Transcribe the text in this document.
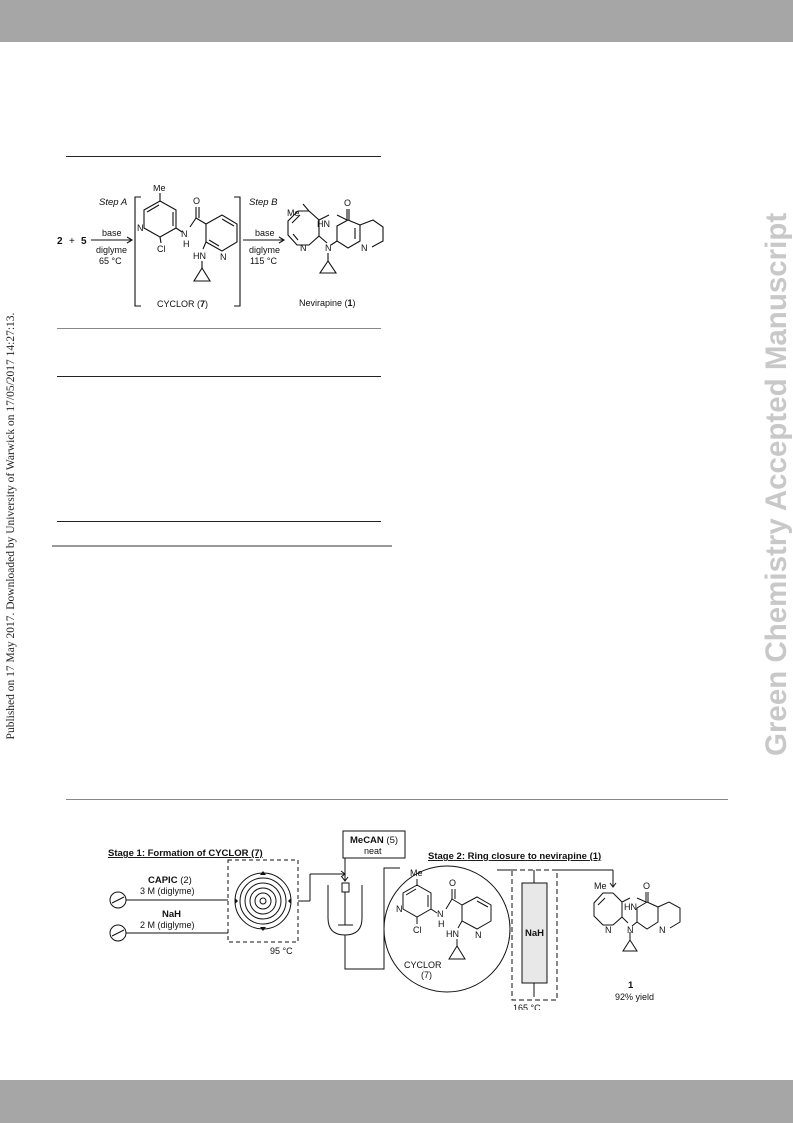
Published on 17 May 2017. Downloaded by University of Warwick on 17/05/2017 14:27:13.	Green Chemistry Accepted Manuscript
2 + 5
Step A
base
diglyme
65 °C
Step B
base
diglyme
115 °C
Me
N
Cl
N
H
O
N
HN
CYCLOR (7)
Me
HN
O
N N	N
Nevirapine (1)
Stage 1: Formation of CYCLOR (7)
CAPIC (2)
3 M (diglyme)
NaH
2 M (diglyme)
95 °C
MeCAN (5)
neat	Stage 2: Ring closure to nevirapine (1)
Me
N
Cl
N
H
O
N
HN
CYCLOR
(7)
NaH
165 °C
Me
HN
O
N N	N
1
92% yield
